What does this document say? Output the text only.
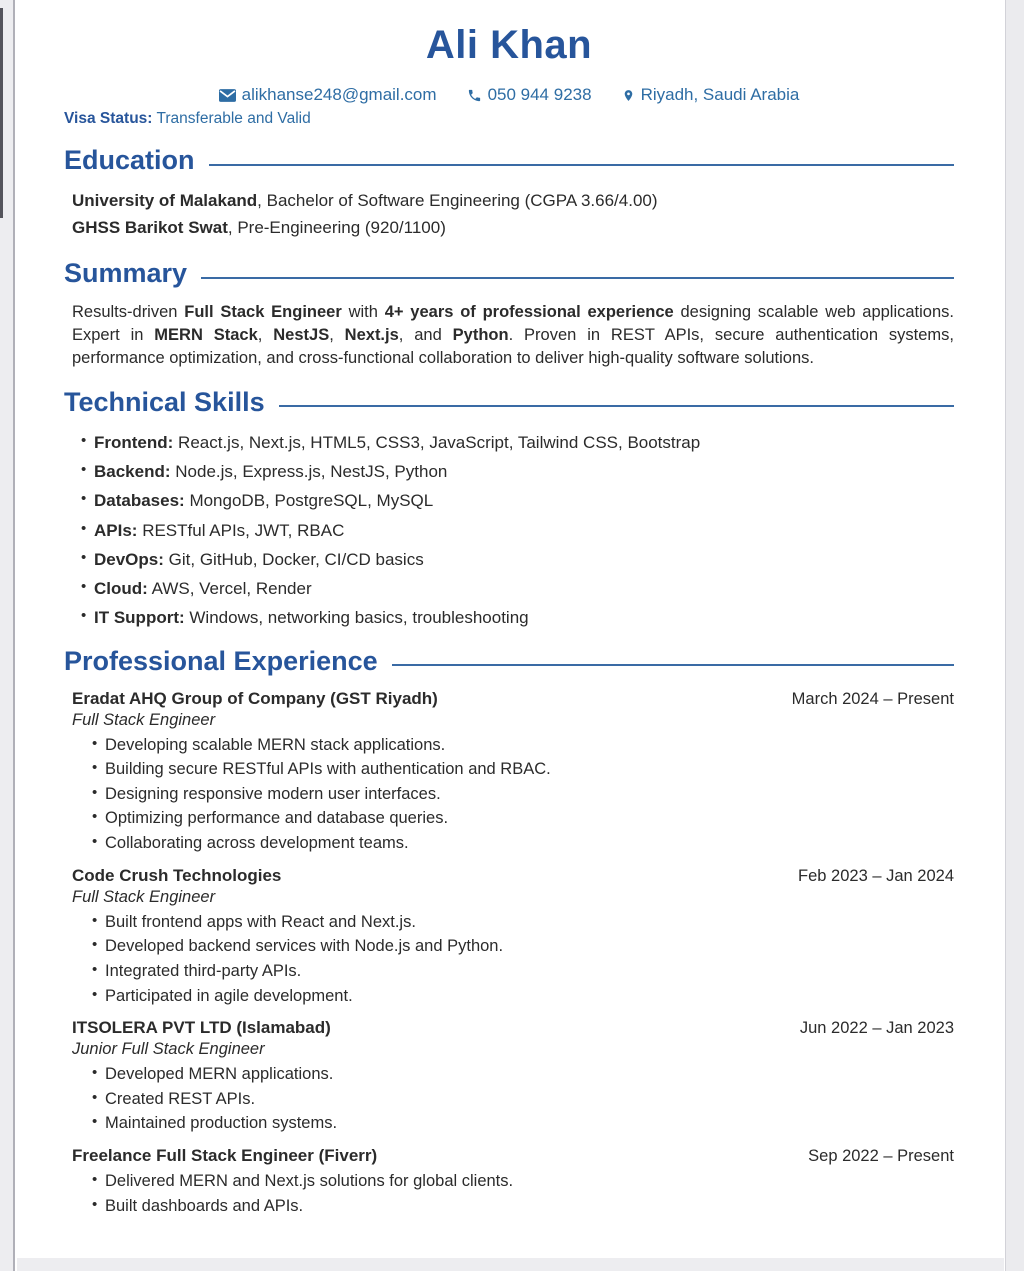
Ali Khan
alikhanse248@gmail.com	050 944 9238	Riyadh, Saudi Arabia
Visa Status: Transferable and Valid
Education
University of Malakand, Bachelor of Software Engineering (CGPA 3.66/4.00)
GHSS Barikot Swat, Pre-Engineering (920/1100)
Summary

Results-driven Full Stack Engineer with 4+ years of professional experience designing scalable web applications. Expert in MERN Stack, NestJS, Next.js, and Python. Proven in REST APIs, secure authentication systems, performance optimization, and cross-functional collaboration to deliver high-quality software solutions.

Technical Skills
• Frontend: React.js, Next.js, HTML5, CSS3, JavaScript, Tailwind CSS, Bootstrap
• Backend: Node.js, Express.js, NestJS, Python
• Databases: MongoDB, PostgreSQL, MySQL
• APIs: RESTful APIs, JWT, RBAC
• DevOps: Git, GitHub, Docker, CI/CD basics
• Cloud: AWS, Vercel, Render
• IT Support: Windows, networking basics, troubleshooting
Professional Experience
Eradat AHQ Group of Company (GST Riyadh)	March 2024 – Present
Full Stack Engineer
• Developing scalable MERN stack applications.
• Building secure RESTful APIs with authentication and RBAC.
• Designing responsive modern user interfaces.
• Optimizing performance and database queries.
• Collaborating across development teams.
Code Crush Technologies	Feb 2023 – Jan 2024
Full Stack Engineer
• Built frontend apps with React and Next.js.
• Developed backend services with Node.js and Python.
• Integrated third-party APIs.
• Participated in agile development.
ITSOLERA PVT LTD (Islamabad)	Jun 2022 – Jan 2023
Junior Full Stack Engineer
• Developed MERN applications.
• Created REST APIs.
• Maintained production systems.
Freelance Full Stack Engineer (Fiverr)	Sep 2022 – Present
• Delivered MERN and Next.js solutions for global clients.
• Built dashboards and APIs.
